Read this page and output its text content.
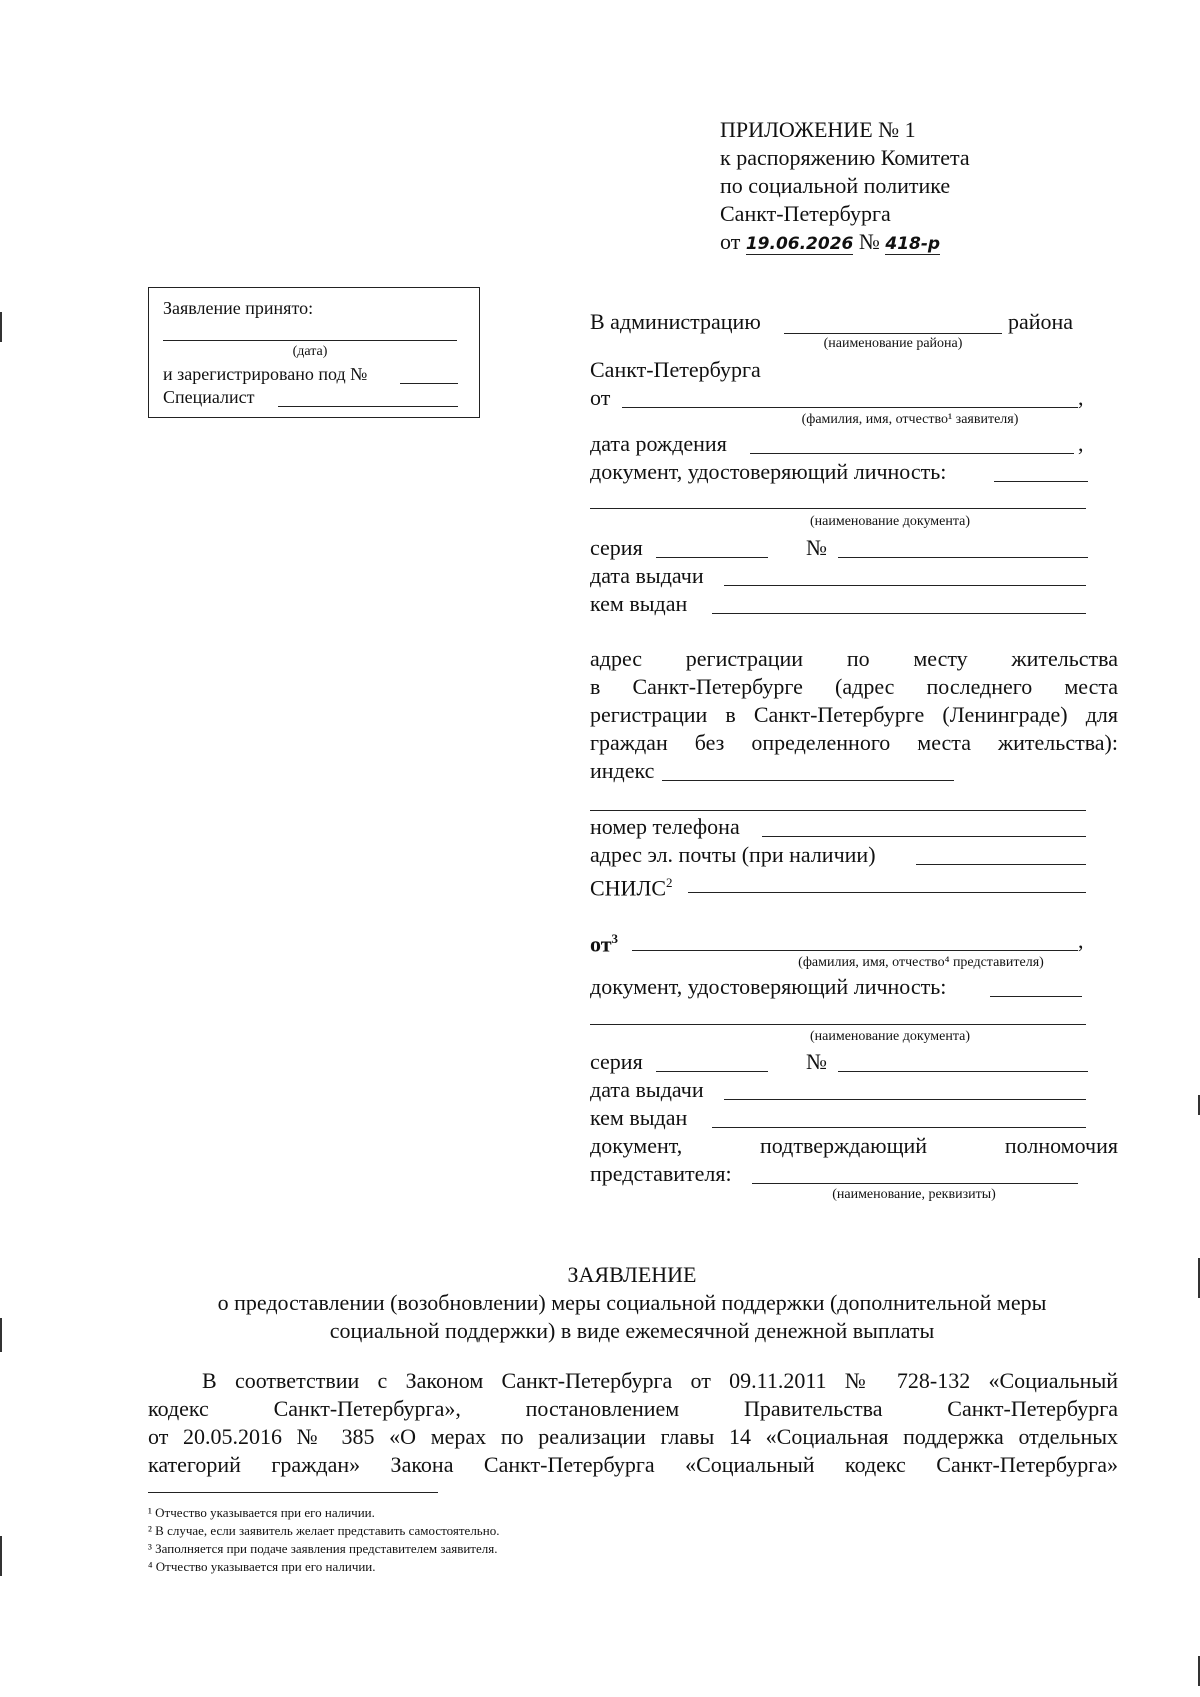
ПРИЛОЖЕНИЕ № 1
к распоряжению Комитета
по социальной политике
Санкт-Петербурга
от 19.06.2026 № 418-р
Заявление принято:
(дата)
и зарегистрировано под №
Специалист
В администрацию	района
(наименование района)
Санкт-Петербурга
от	,
(фамилия, имя, отчество¹ заявителя)
дата рождения	,
документ, удостоверяющий личность:
(наименование документа)
серия	№
дата выдачи
кем выдан
адрес регистрации по месту жительства
в Санкт-Петербурге (адрес последнего места
регистрации в Санкт-Петербурге (Ленинграде) для
граждан без определенного места жительства):
индекс
номер телефона
адрес эл. почты (при наличии)
СНИЛС$^2$
$от^3$	,
(фамилия, имя, отчество⁴ представителя)
документ, удостоверяющий личность:
(наименование документа)
серия	№
дата выдачи
кем выдан
документ, подтверждающий полномочия
представителя:
(наименование, реквизиты)
ЗАЯВЛЕНИЕ
о предоставлении (возобновлении) меры социальной поддержки (дополнительной меры
социальной поддержки) в виде ежемесячной денежной выплаты
В соответствии с Законом Санкт-Петербурга от 09.11.2011 № 728-132 «Социальный
кодекс Санкт-Петербурга», постановлением Правительства Санкт-Петербурга
от 20.05.2016 № 385 «О мерах по реализации главы 14 «Социальная поддержка отдельных
категорий граждан» Закона Санкт-Петербурга «Социальный кодекс Санкт-Петербурга»
¹ Отчество указывается при его наличии.
² В случае, если заявитель желает представить самостоятельно.
³ Заполняется при подаче заявления представителем заявителя.
⁴ Отчество указывается при его наличии.
